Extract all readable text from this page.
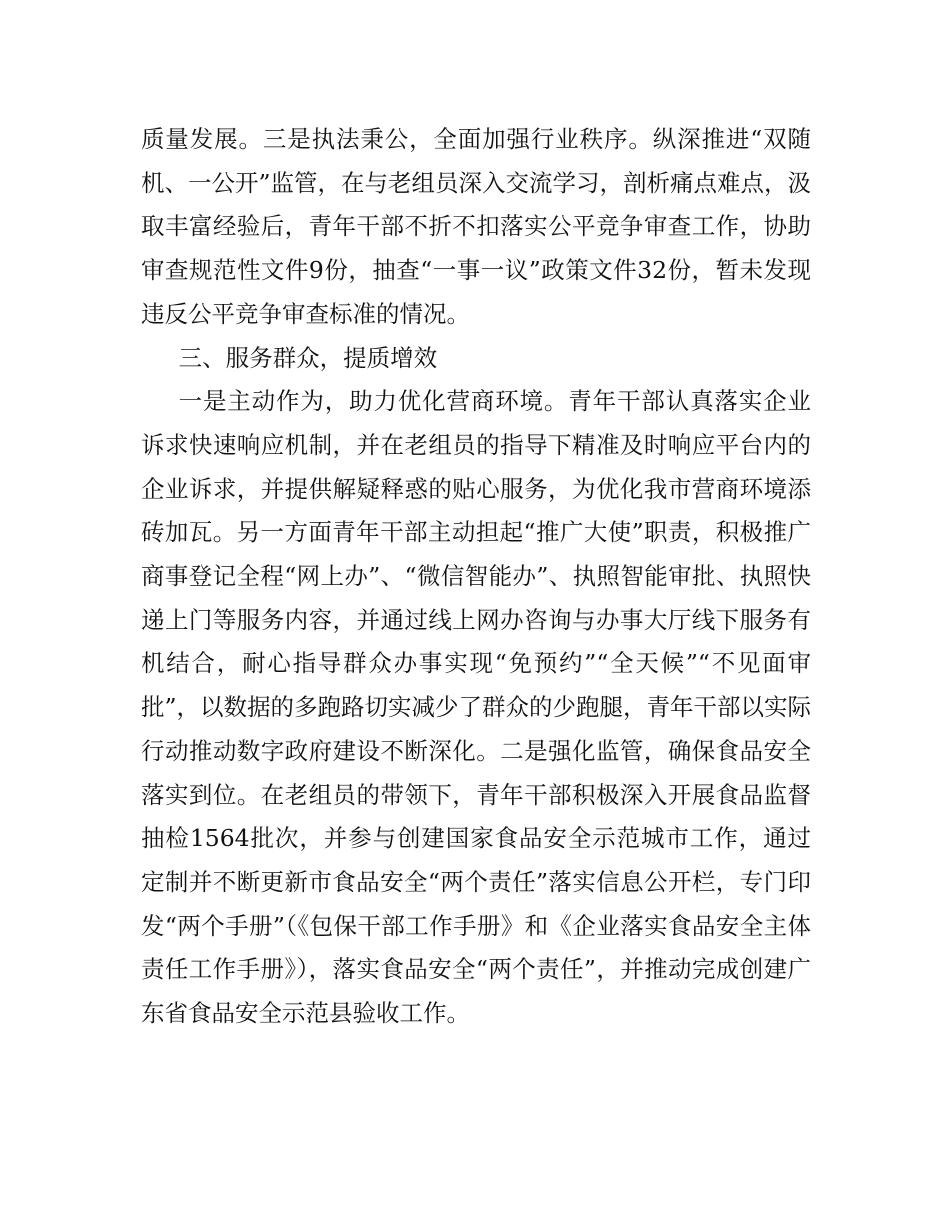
质量发展。三是执法秉公，全面加强行业秩序。纵深推进“双随机、一公开”监管，在与老组员深入交流学习，剖析痛点难点，汲取丰富经验后，青年干部不折不扣落实公平竞争审查工作，协助审查规范性文件9份，抽查“一事一议”政策文件32份，暂未发现违反公平竞争审查标准的情况。

三、服务群众，提质增效

一是主动作为，助力优化营商环境。青年干部认真落实企业诉求快速响应机制，并在老组员的指导下精准及时响应平台内的企业诉求，并提供解疑释惑的贴心服务，为优化我市营商环境添砖加瓦。另一方面青年干部主动担起“推广大使”职责，积极推广商事登记全程“网上办”、“微信智能办”、执照智能审批、执照快递上门等服务内容，并通过线上网办咨询与办事大厅线下服务有机结合，耐心指导群众办事实现“免预约”“全天候”“不见面审批”，以数据的多跑路切实减少了群众的少跑腿，青年干部以实际行动推动数字政府建设不断深化。二是强化监管，确保食品安全落实到位。在老组员的带领下，青年干部积极深入开展食品监督抽检1564批次，并参与创建国家食品安全示范城市工作，通过定制并不断更新市食品安全“两个责任”落实信息公开栏，专门印发“两个手册”（《包保干部工作手册》和《企业落实食品安全主体责任工作手册》），落实食品安全“两个责任”，并推动完成创建广东省食品安全示范县验收工作。
